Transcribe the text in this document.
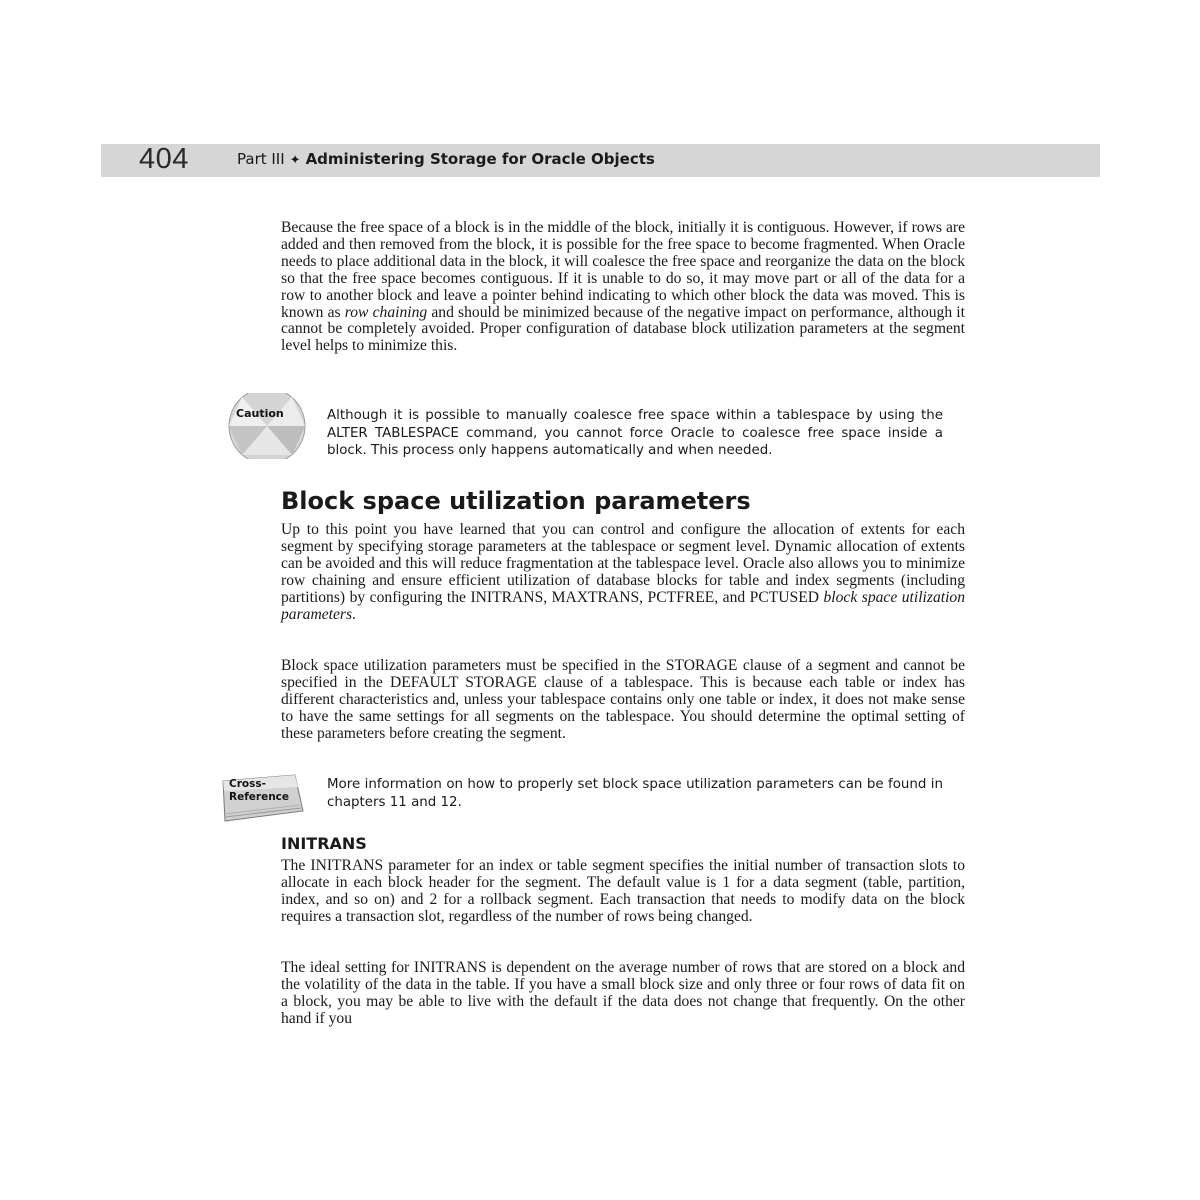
404	Part III ✦ Administering Storage for Oracle Objects

Because the free space of a block is in the middle of the block, initially it is contiguous. However, if rows are added and then removed from the block, it is possible for the free space to become fragmented. When Oracle needs to place additional data in the block, it will coalesce the free space and reorganize the data on the block so that the free space becomes contiguous. If it is unable to do so, it may move part or all of the data for a row to another block and leave a pointer behind indicating to which other block the data was moved. This is known as row chaining and should be minimized because of the negative impact on performance, although it cannot be completely avoided. Proper configuration of database block utilization parameters at the segment level helps to minimize this.

Caution	Although it is possible to manually coalesce free space within a tablespace by using the ALTER TABLESPACE command, you cannot force Oracle to coalesce free space inside a block. This process only happens automatically and when needed.

Block space utilization parameters

Up to this point you have learned that you can control and configure the allocation of extents for each segment by specifying storage parameters at the tablespace or segment level. Dynamic allocation of extents can be avoided and this will reduce fragmentation at the tablespace level. Oracle also allows you to minimize row chaining and ensure efficient utilization of database blocks for table and index segments (including partitions) by configuring the INITRANS, MAXTRANS, PCTFREE, and PCTUSED block space utilization parameters.

Block space utilization parameters must be specified in the STORAGE clause of a segment and cannot be specified in the DEFAULT STORAGE clause of a tablespace. This is because each table or index has different characteristics and, unless your tablespace contains only one table or index, it does not make sense to have the same settings for all segments on the tablespace. You should determine the optimal setting of these parameters before creating the segment.

Cross-
Reference

More information on how to properly set block space utilization parameters can be found in chapters 11 and 12.

INITRANS

The INITRANS parameter for an index or table segment specifies the initial number of transaction slots to allocate in each block header for the segment. The default value is 1 for a data segment (table, partition, index, and so on) and 2 for a rollback segment. Each transaction that needs to modify data on the block requires a transaction slot, regardless of the number of rows being changed.

The ideal setting for INITRANS is dependent on the average number of rows that are stored on a block and the volatility of the data in the table. If you have a small block size and only three or four rows of data fit on a block, you may be able to live with the default if the data does not change that frequently. On the other hand if you
